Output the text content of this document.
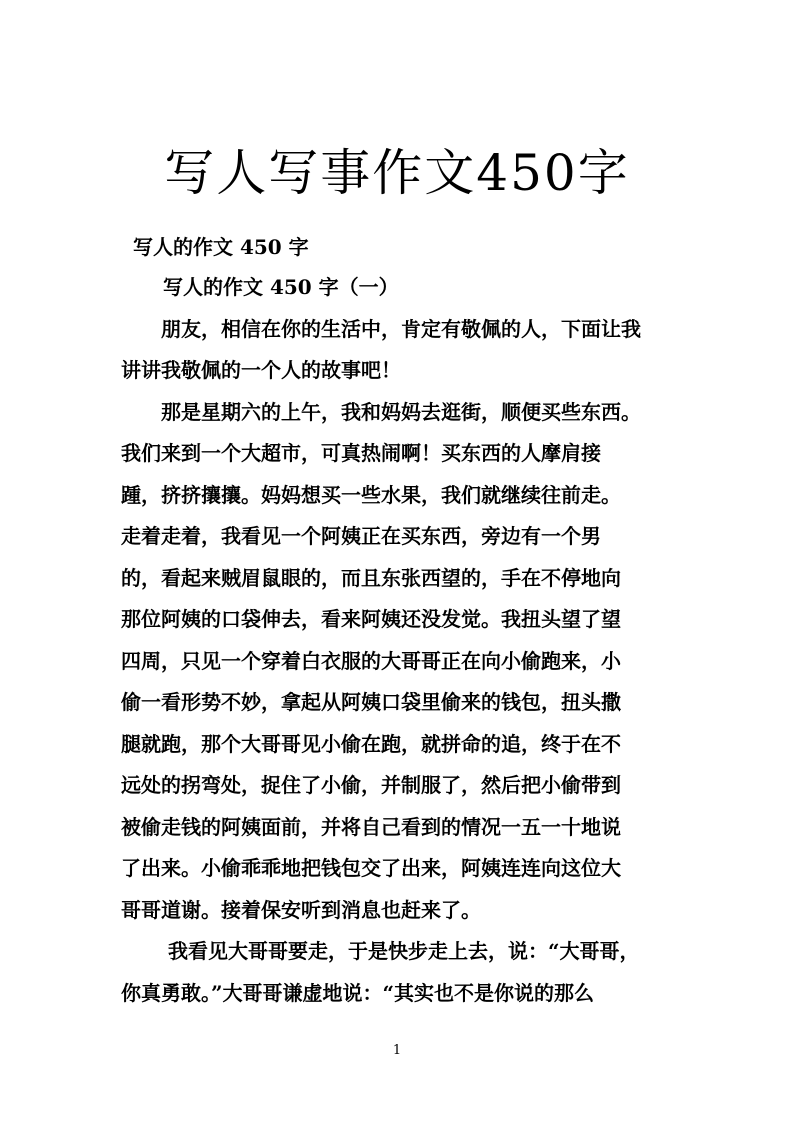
写人写事作文450字

写人的作文 450 字

写人的作文 450 字（一）

　　朋友，相信在你的生活中，肯定有敬佩的人，下面让我

讲讲我敬佩的一个人的故事吧！

　　那是星期六的上午，我和妈妈去逛街，顺便买些东西。

我们来到一个大超市，可真热闹啊！买东西的人摩肩接

踵，挤挤攘攘。妈妈想买一些水果，我们就继续往前走。

走着走着，我看见一个阿姨正在买东西，旁边有一个男

的，看起来贼眉鼠眼的，而且东张西望的，手在不停地向

那位阿姨的口袋伸去，看来阿姨还没发觉。我扭头望了望

四周，只见一个穿着白衣服的大哥哥正在向小偷跑来，小

偷一看形势不妙，拿起从阿姨口袋里偷来的钱包，扭头撒

腿就跑，那个大哥哥见小偷在跑，就拼命的追，终于在不

远处的拐弯处，捉住了小偷，并制服了，然后把小偷带到

被偷走钱的阿姨面前，并将自己看到的情况一五一十地说

了出来。小偷乖乖地把钱包交了出来，阿姨连连向这位大

哥哥道谢。接着保安听到消息也赶来了。

　　 我看见大哥哥要走，于是快步走上去，说：“大哥哥，

你真勇敢。”大哥哥谦虚地说：“其实也不是你说的那么

1
